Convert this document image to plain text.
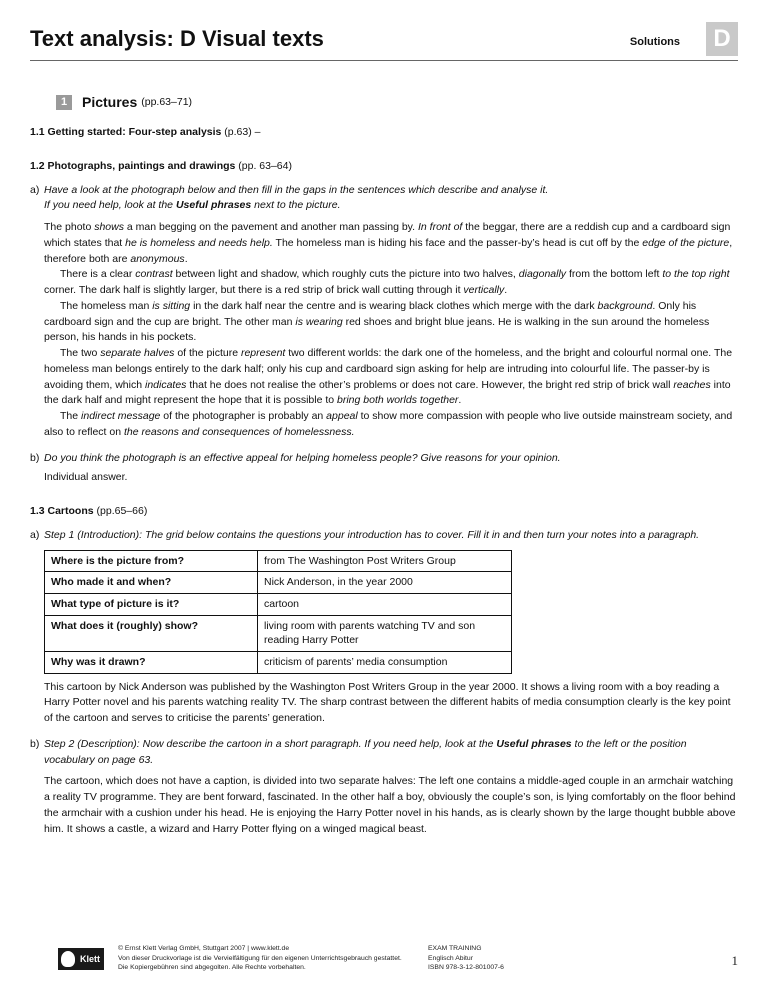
Text analysis: D Visual texts	Solutions	D
1	Pictures (pp.63–71)

1.1 Getting started: Four-step analysis (p.63) –

1.2 Photographs, paintings and drawings (pp. 63–64)

a) Have a look at the photograph below and then fill in the gaps in the sentences which describe and analyse it.
If you need help, look at the Useful phrases next to the picture.

The photo shows a man begging on the pavement and another man passing by. In front of the beggar, there are a reddish cup and a cardboard sign which states that he is homeless and needs help. The homeless man is hiding his face and the passer-by’s head is cut off by the edge of the picture, therefore both are anonymous.

There is a clear contrast between light and shadow, which roughly cuts the picture into two halves, diagonally from the bottom left to the top right corner. The dark half is slightly larger, but there is a red strip of brick wall cutting through it vertically.

The homeless man is sitting in the dark half near the centre and is wearing black clothes which merge with the dark background. Only his cardboard sign and the cup are bright. The other man is wearing red shoes and bright blue jeans. He is walking in the sun around the homeless person, his hands in his pockets.

The two separate halves of the picture represent two different worlds: the dark one of the homeless, and the bright and colourful normal one. The homeless man belongs entirely to the dark half; only his cup and cardboard sign asking for help are intruding into colourful life. The passer-by is avoiding them, which indicates that he does not realise the other’s problems or does not care. However, the bright red strip of brick wall reaches into the dark half and might represent the hope that it is possible to bring both worlds together.

The indirect message of the photographer is probably an appeal to show more compassion with people who live outside mainstream society, and also to reflect on the reasons and consequences of homelessness.

b) Do you think the photograph is an effective appeal for helping homeless people? Give reasons for your opinion.

Individual answer.

1.3 Cartoons (pp.65–66)

a) Step 1 (Introduction): The grid below contains the questions your introduction has to cover. Fill it in and then turn your notes into a paragraph.
Where is the picture from?	from The Washington Post Writers Group
Who made it and when?	Nick Anderson, in the year 2000
What type of picture is it?	cartoon
What does it (roughly) show?	living room with parents watching TV and son reading Harry Potter
Why was it drawn?	criticism of parents’ media consumption

This cartoon by Nick Anderson was published by the Washington Post Writers Group in the year 2000. It shows a living room with a boy reading a Harry Potter novel and his parents watching reality TV. The sharp contrast between the different habits of media consumption clearly is the key point of the cartoon and serves to criticise the parents’ generation.

b) Step 2 (Description): Now describe the cartoon in a short paragraph. If you need help, look at the Useful phrases to the left or the position vocabulary on page 63.

The cartoon, which does not have a caption, is divided into two separate halves: The left one contains a middle-aged couple in an armchair watching a reality TV programme. They are bent forward, fascinated. In the other half a boy, obviously the couple’s son, is lying comfortably on the floor behind the armchair with a cushion under his head. He is enjoying the Harry Potter novel in his hands, as is clearly shown by the large thought bubble above him. It shows a castle, a wizard and Harry Potter flying on a winged magical beast.

Klett

© Ernst Klett Verlag GmbH, Stuttgart 2007 | www.klett.de

Von dieser Druckvorlage ist die Vervielfältigung für den eigenen Unterrichtsgebrauch gestattet.

Die Kopiergebühren sind abgegolten. Alle Rechte vorbehalten.

EXAM TRAINING

Englisch Abitur

ISBN 978-3-12-801007-6	1
